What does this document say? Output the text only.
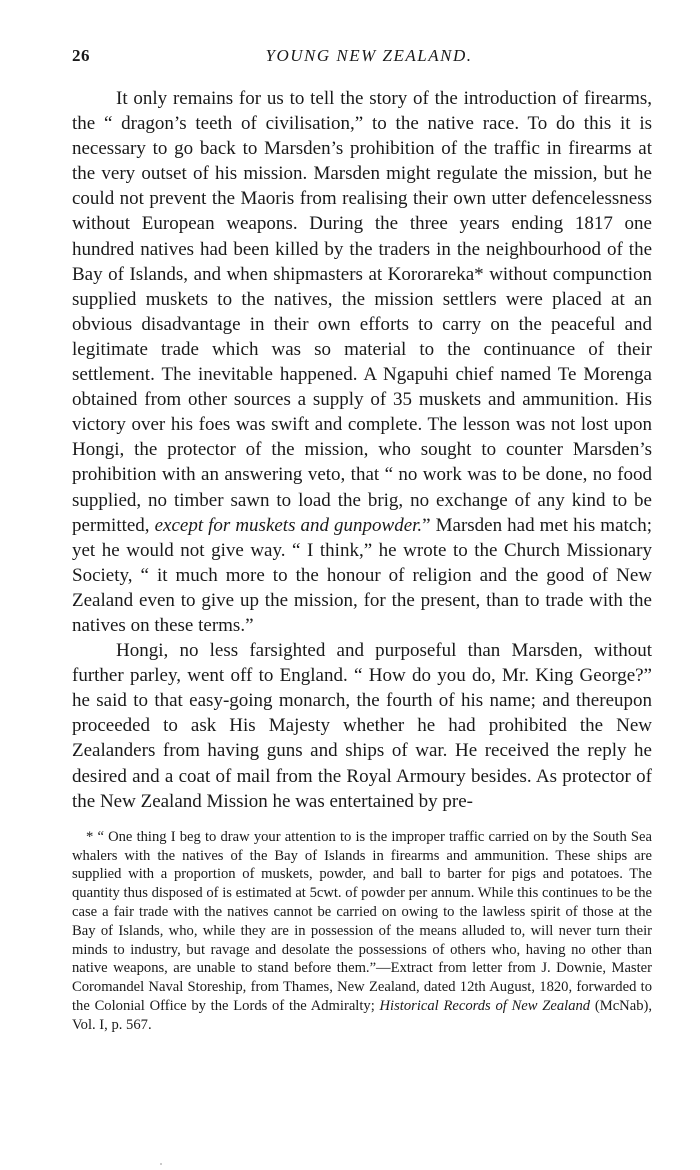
26	YOUNG NEW ZEALAND.

It only remains for us to tell the story of the introduction of firearms, the “ dragon’s teeth of civilisation,” to the native race. To do this it is necessary to go back to Marsden’s prohibition of the traffic in firearms at the very outset of his mission. Marsden might regulate the mission, but he could not prevent the Maoris from realising their own utter defencelessness without European weapons. During the three years ending 1817 one hundred natives had been killed by the traders in the neighbourhood of the Bay of Islands, and when shipmasters at Kororareka* without compunction supplied muskets to the natives, the mission settlers were placed at an obvious disadvantage in their own efforts to carry on the peaceful and legitimate trade which was so material to the continuance of their settlement. The inevitable happened. A Ngapuhi chief named Te Morenga obtained from other sources a supply of 35 muskets and ammunition. His victory over his foes was swift and complete. The lesson was not lost upon Hongi, the protector of the mission, who sought to counter Marsden’s prohibition with an answering veto, that “ no work was to be done, no food supplied, no timber sawn to load the brig, no exchange of any kind to be permitted, except for muskets and gunpowder.” Marsden had met his match; yet he would not give way. “ I think,” he wrote to the Church Missionary Society, “ it much more to the honour of religion and the good of New Zealand even to give up the mission, for the present, than to trade with the natives on these terms.”

Hongi, no less farsighted and purposeful than Marsden, without further parley, went off to England. “ How do you do, Mr. King George?” he said to that easy-going monarch, the fourth of his name; and thereupon proceeded to ask His Majesty whether he had prohibited the New Zealanders from having guns and ships of war. He received the reply he desired and a coat of mail from the Royal Armoury besides. As protector of the New Zealand Mission he was entertained by pre-

* “ One thing I beg to draw your attention to is the improper traffic carried on by the South Sea whalers with the natives of the Bay of Islands in firearms and ammunition. These ships are supplied with a proportion of muskets, powder, and ball to barter for pigs and potatoes. The quantity thus disposed of is estimated at 5cwt. of powder per annum. While this continues to be the case a fair trade with the natives cannot be carried on owing to the lawless spirit of those at the Bay of Islands, who, while they are in possession of the means alluded to, will never turn their minds to industry, but ravage and desolate the possessions of others who, having no other than native weapons, are unable to stand before them.”—Extract from letter from J. Downie, Master Coromandel Naval Storeship, from Thames, New Zealand, dated 12th August, 1820, forwarded to the Colonial Office by the Lords of the Admiralty; Historical Records of New Zealand (McNab), Vol. I, p. 567.
